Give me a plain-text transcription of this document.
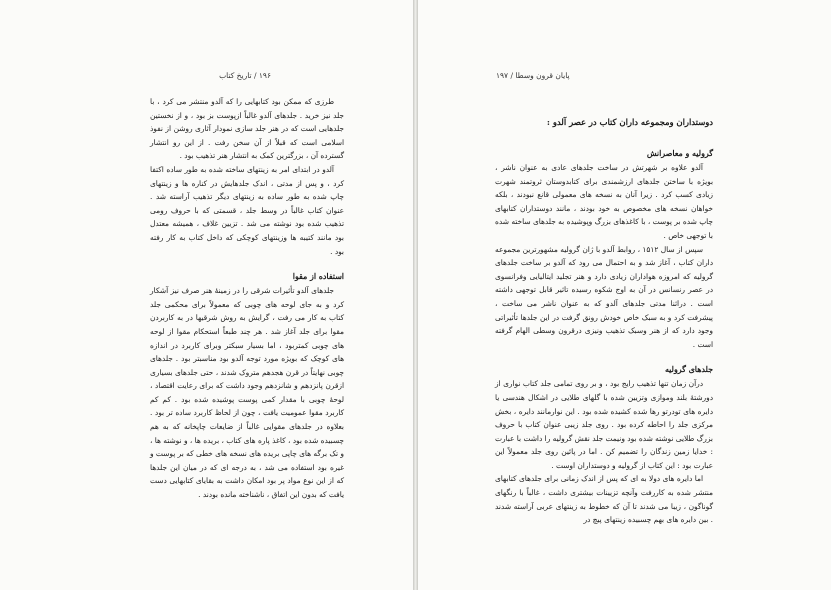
۱۹۶ / تاریخ کتاب

طرزی که ممکن بود کتابهایی را که آلدو منتشر می کرد ، با جلد نیز خرید . جلدهای آلدو غالباً ازپوست بز بود ، و از نخستین جلدهایی است که در هنر جلد سازی نمودار آثاری روشن از نفوذ اسلامی است که قبلاً از آن سخن رفت . از این رو انتشار گسترده آن ، بزرگترین کمک به انتشار هنر تذهیب بود .

آلدو در ابتدای امر به زینتهای ساخته شده به طور ساده اکتفا کرد ، و پس از مدتی ، اندک جلدهایش در کناره ها و زینتهای چاپ شده به طور ساده به زینتهای دیگر تذهیب آراسته شد . عنوان کتاب غالباً در وسط جلد ، قسمتی که با حروف رومی تذهیب شده بود نوشته می شد . تزیین غلاف ، همیشه معتدل بود مانند کتیبه ها وزینتهای کوچکی که داخل کتاب به کار رفته بود .

استفاده از مقوا

جلدهای آلدو تأثیرات شرقی را در زمینۀ هنر صرف نیز آشکار کرد و به جای لوحه های چوبی که معمولاً برای محکمی جلد کتاب به کار می رفت ، گرایش به روش شرقیها در به کاربردن مقوا برای جلد آغاز شد . هر چند طبعاً استحکام مقوا از لوحه های چوبی کمتربود ، اما بسیار سبکتر وبرای کاربرد در اندازه های کوچک که بویژه مورد توجه آلدو بود مناسبتر بود . جلدهای چوبی نهایتاً در قرن هجدهم متروک شدند ، حتی جلدهای بسیاری ازقرن پانزدهم و شانزدهم وجود داشت که برای رعایت اقتصاد ، لوحۀ چوبی با مقدار کمی پوست پوشیده شده بود . کم کم کاربرد مقوا عمومیت یافت ، چون از لحاظ کاربرد ساده تر بود . بعلاوه در جلدهای مقوایی غالباً از ضایعات چاپخانه که به هم چسبیده شده بود ، کاغذ پاره های کتاب ، بریده ها ، و نوشته ها ، و تک برگه های چاپی بریده های نسخه های خطی که بر پوست و غیره بود استفاده می شد ، به درجه ای که در میان این جلدها که از این نوع مواد پر بود امکان داشت به بقایای کتابهایی دست یافت که بدون این اتفاق ، ناشناخته مانده بودند .

پایان قرون وسطا / ۱۹۷
دوستداران ومجموعه داران کتاب در عصر آلدو :
گرولیه و معاصرانش

آلدو علاوه بر شهرتش در ساخت جلدهای عادی به عنوان ناشر ، بویژه با ساختن جلدهای ارزشمندی برای کتابدوستان ثروتمند شهرت زیادی کسب کرد . زیرا آنان به نسخه های معمولی قانع نبودند ، بلکه خواهان نسخه های مخصوص به خود بودند ، مانند دوستداران کتابهای چاپ شده بر پوست ، با کاغذهای بزرگ وپوشیده به جلدهای ساخته شده با توجهی خاص .

سپس از سال ۱۵۱۲ ، روابط آلدو با ژان گرولیه مشهورترین مجموعه داران کتاب ، آغاز شد و به احتمال می رود که آلدو بر ساخت جلدهای گرولیه که امروزه هواداران زیادی دارد و هنر تجلید ایتالیایی وفرانسوی در عصر رنسانس در آن به اوج شکوه رسیده تاثیر قابل توجهی داشته است . دراثنا مدتی جلدهای آلدو که به عنوان ناشر می ساخت ، پیشرفت کرد و به سبک خاص خودش رونق گرفت در این جلدها تأثیراتی وجود دارد که از هنر وسبک تذهیب ونیزی درقرون وسطی الهام گرفته است .

جلدهای گرولیه

درآن زمان تنها تذهیب رایج بود ، و بر روی تمامی جلد کتاب نواری از دورشتۀ بلند وموازی وتزیین شده با گلهای طلایی در اشکال هندسی یا دایره های تودرتو رها شده کشیده شده بود . این نوارمانند دایره ، بخش مرکزی جلد را احاطه کرده بود . روی جلد زیبی عنوان کتاب با حروف بزرگ طلایی نوشته شده بود ونیمت جلد نقش گرولیه را داشت با عبارت : خدایا زمین زندگان را تضمیم کن . اما در پائین روی جلد معمولاً این عبارت بود : این کتاب از گرولیه و دوستداران اوست .

اما دایره های دولا به ای که پس از اندک زمانی برای جلدهای کتابهای منتشر شده به کاررفت وآنچه تزیینات بیشتری داشت ، غالباً با رنگهای گوناگون ، زیبا می شدند تا آن که خطوط به زینتهای عربی آراسته شدند . بین دایره های بهم چسبیده زینتهای پیچ در
